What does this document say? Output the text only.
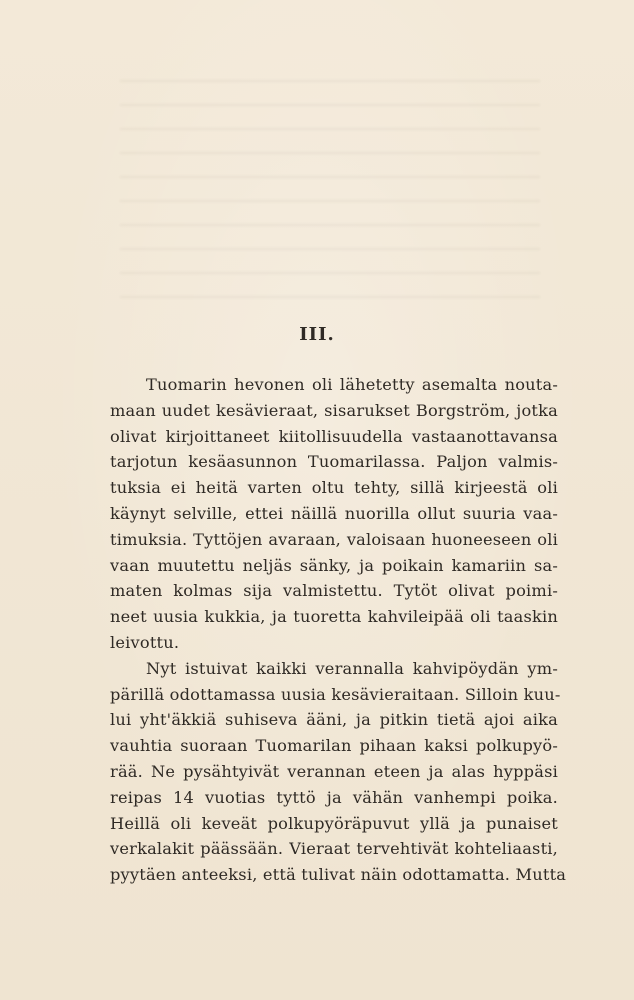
III.
Tuomarin hevonen oli lähetetty asemalta nouta-
maan uudet kesävieraat, sisarukset Borgström, jotka
olivat kirjoittaneet kiitollisuudella vastaanottavansa
tarjotun kesäasunnon Tuomarilassa. Paljon valmis-
tuksia ei heitä varten oltu tehty, sillä kirjeestä oli
käynyt selville, ettei näillä nuorilla ollut suuria vaa-
timuksia. Tyttöjen avaraan, valoisaan huoneeseen oli
vaan muutettu neljäs sänky, ja poikain kamariin sa-
maten kolmas sija valmistettu. Tytöt olivat poimi-
neet uusia kukkia, ja tuoretta kahvileipää oli taaskin
leivottu.
Nyt istuivat kaikki verannalla kahvipöydän ym-
pärillä odottamassa uusia kesävieraitaan. Silloin kuu-
lui yht'äkkiä suhiseva ääni, ja pitkin tietä ajoi aika
vauhtia suoraan Tuomarilan pihaan kaksi polkupyö-
rää. Ne pysähtyivät verannan eteen ja alas hyppäsi
reipas 14 vuotias tyttö ja vähän vanhempi poika.
Heillä oli keveät polkupyöräpuvut yllä ja punaiset
verkalakit päässään. Vieraat tervehtivät kohteliaasti,
pyytäen anteeksi, että tulivat näin odottamatta. Mutta
